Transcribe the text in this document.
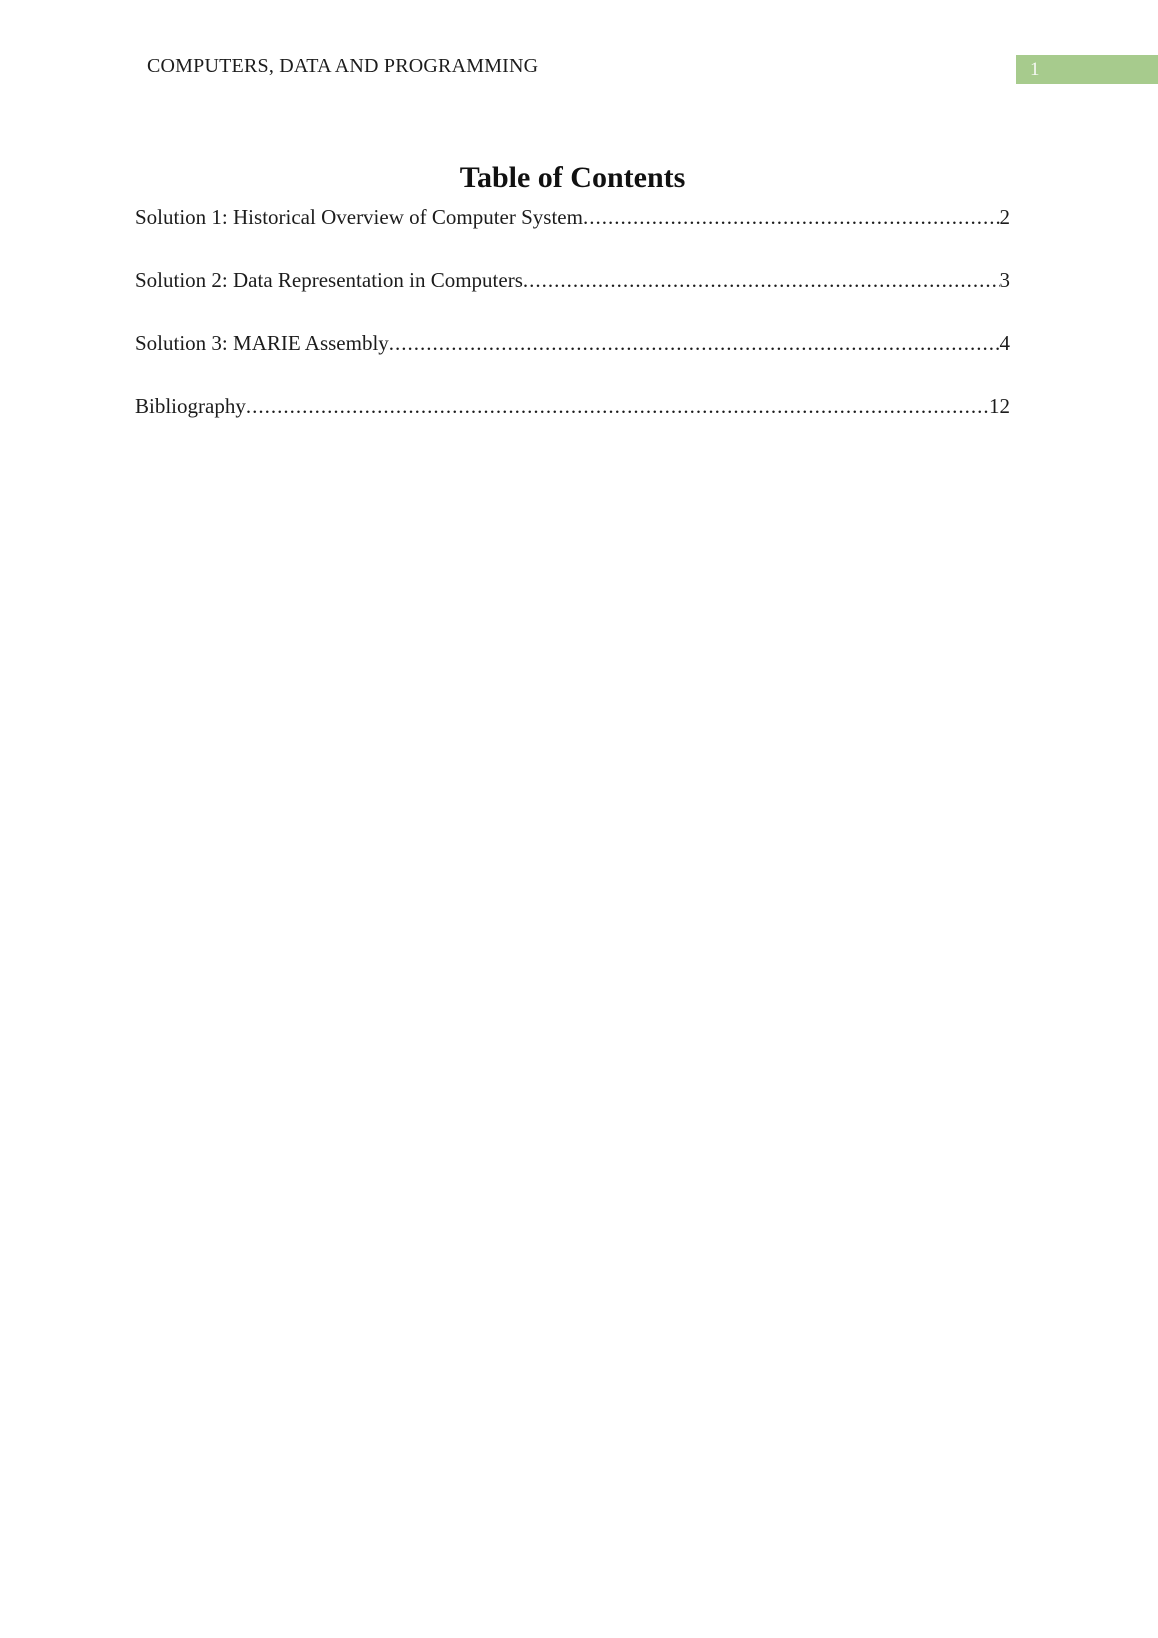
COMPUTERS, DATA AND PROGRAMMING	1
Table of Contents
Solution 1: Historical Overview of Computer System .....	2
Solution 2: Data Representation in Computers .....	3
Solution 3: MARIE Assembly .....	4
Bibliography .....	12
